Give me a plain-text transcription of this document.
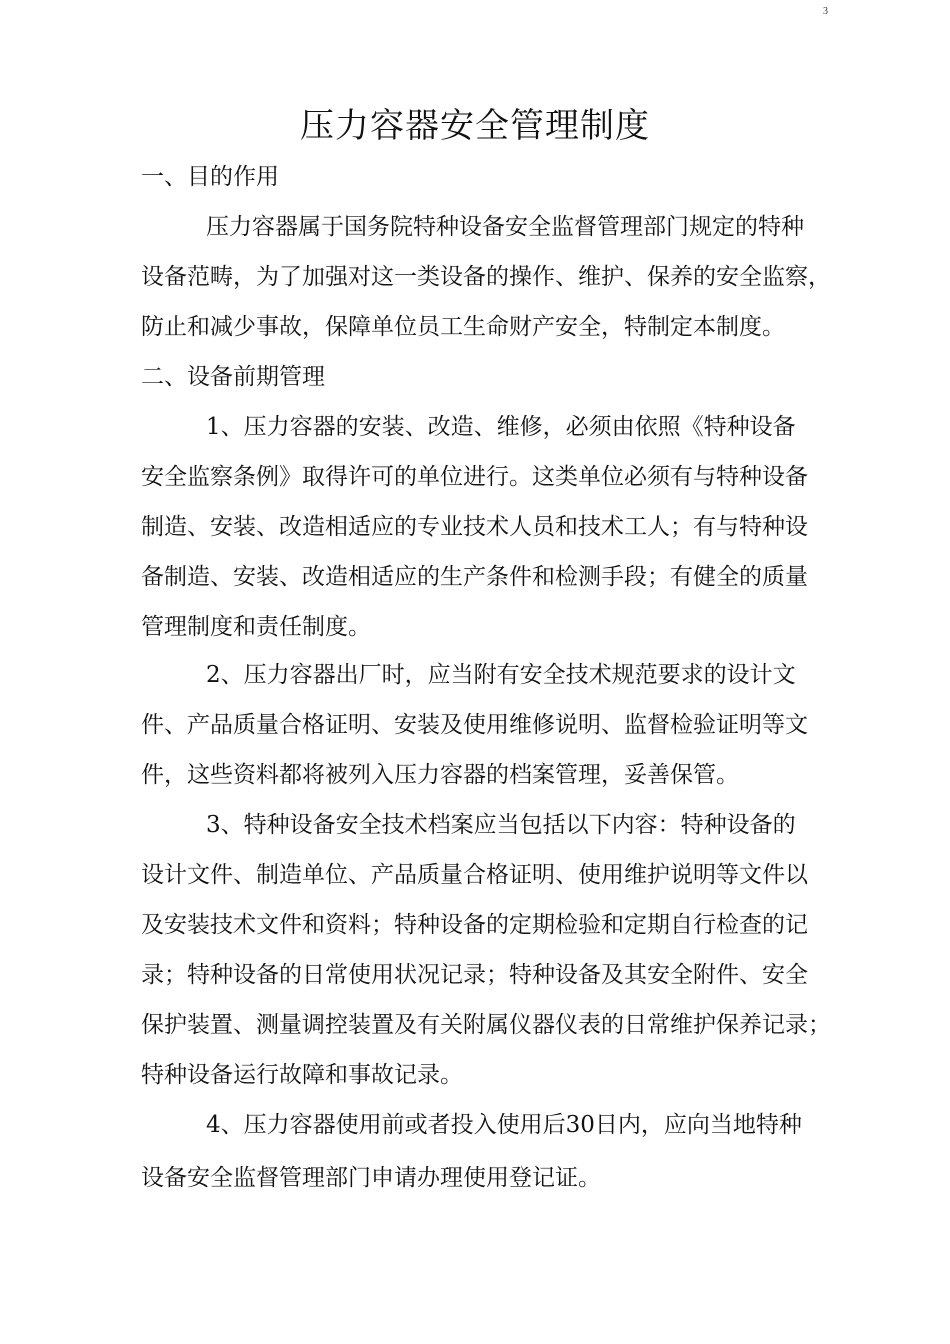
3
压力容器安全管理制度
一、目的作用
压力容器属于国务院特种设备安全监督管理部门规定的特种
设备范畴，为了加强对这一类设备的操作、维护、保养的安全监察，
防止和减少事故，保障单位员工生命财产安全，特制定本制度。
二、设备前期管理
1、压力容器的安装、改造、维修，必须由依照《特种设备
安全监察条例》取得许可的单位进行。这类单位必须有与特种设备
制造、安装、改造相适应的专业技术人员和技术工人；有与特种设
备制造、安装、改造相适应的生产条件和检测手段；有健全的质量
管理制度和责任制度。
2、压力容器出厂时，应当附有安全技术规范要求的设计文
件、产品质量合格证明、安装及使用维修说明、监督检验证明等文
件，这些资料都将被列入压力容器的档案管理，妥善保管。
3、特种设备安全技术档案应当包括以下内容：特种设备的
设计文件、制造单位、产品质量合格证明、使用维护说明等文件以
及安装技术文件和资料；特种设备的定期检验和定期自行检查的记
录；特种设备的日常使用状况记录；特种设备及其安全附件、安全
保护装置、测量调控装置及有关附属仪器仪表的日常维护保养记录；
特种设备运行故障和事故记录。
4、压力容器使用前或者投入使用后30日内，应向当地特种
设备安全监督管理部门申请办理使用登记证。
